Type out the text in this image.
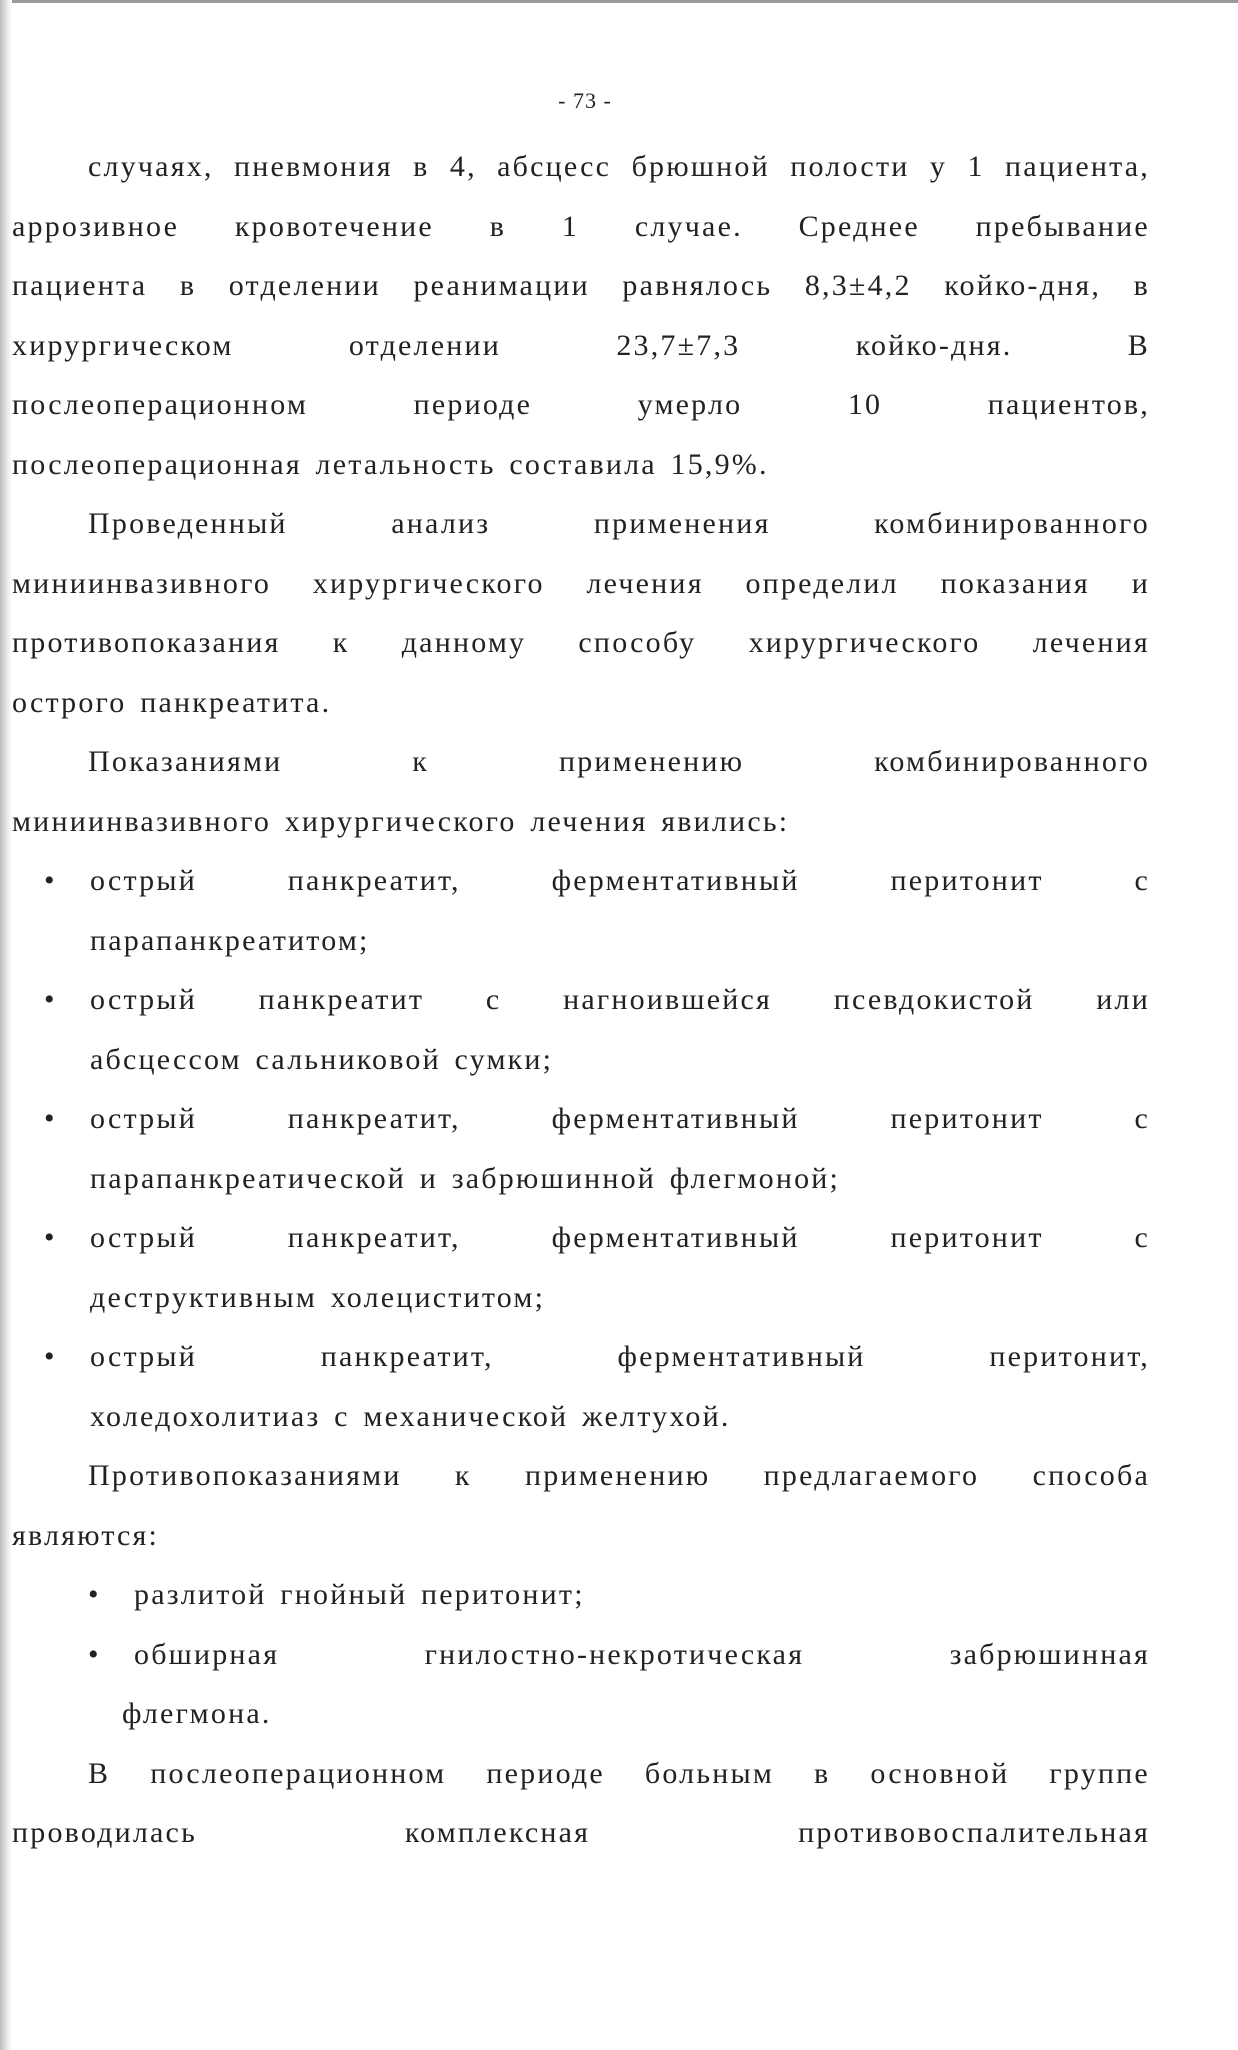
- 73 -
случаях, пневмония в 4, абсцесс брюшной полости у 1 пациента,
аррозивное кровотечение в 1 случае. Среднее пребывание
пациента в отделении реанимации равнялось 8,3±4,2 койко-дня, в
хирургическом	отделении	23,7±7,3	койко-дня.	В
послеоперационном	периоде	умерло	10	пациентов,
послеоперационная летальность составила 15,9%.
Проведенный	анализ	применения	комбинированного
миниинвазивного хирургического лечения определил показания и
противопоказания к данному способу хирургического лечения
острого панкреатита.
Показаниями	к	применению	комбинированного
миниинвазивного хирургического лечения явились:
• острый	панкреатит,	ферментативный	перитонит	с
парапанкреатитом;
• острый панкреатит с нагноившейся псевдокистой или
абсцессом сальниковой сумки;
• острый	панкреатит,	ферментативный	перитонит	с
парапанкреатической и забрюшинной флегмоной;
• острый	панкреатит,	ферментативный	перитонит	с
деструктивным холециститом;
• острый	панкреатит,	ферментативный	перитонит,
холедохолитиаз с механической желтухой.
Противопоказаниями к применению предлагаемого способа
являются:
• разлитой гнойный перитонит;
• обширная	гнилостно-некротическая	забрюшинная
флегмона.
В послеоперационном периоде больным в основной группе
проводилась	комплексная	противовоспалительная
